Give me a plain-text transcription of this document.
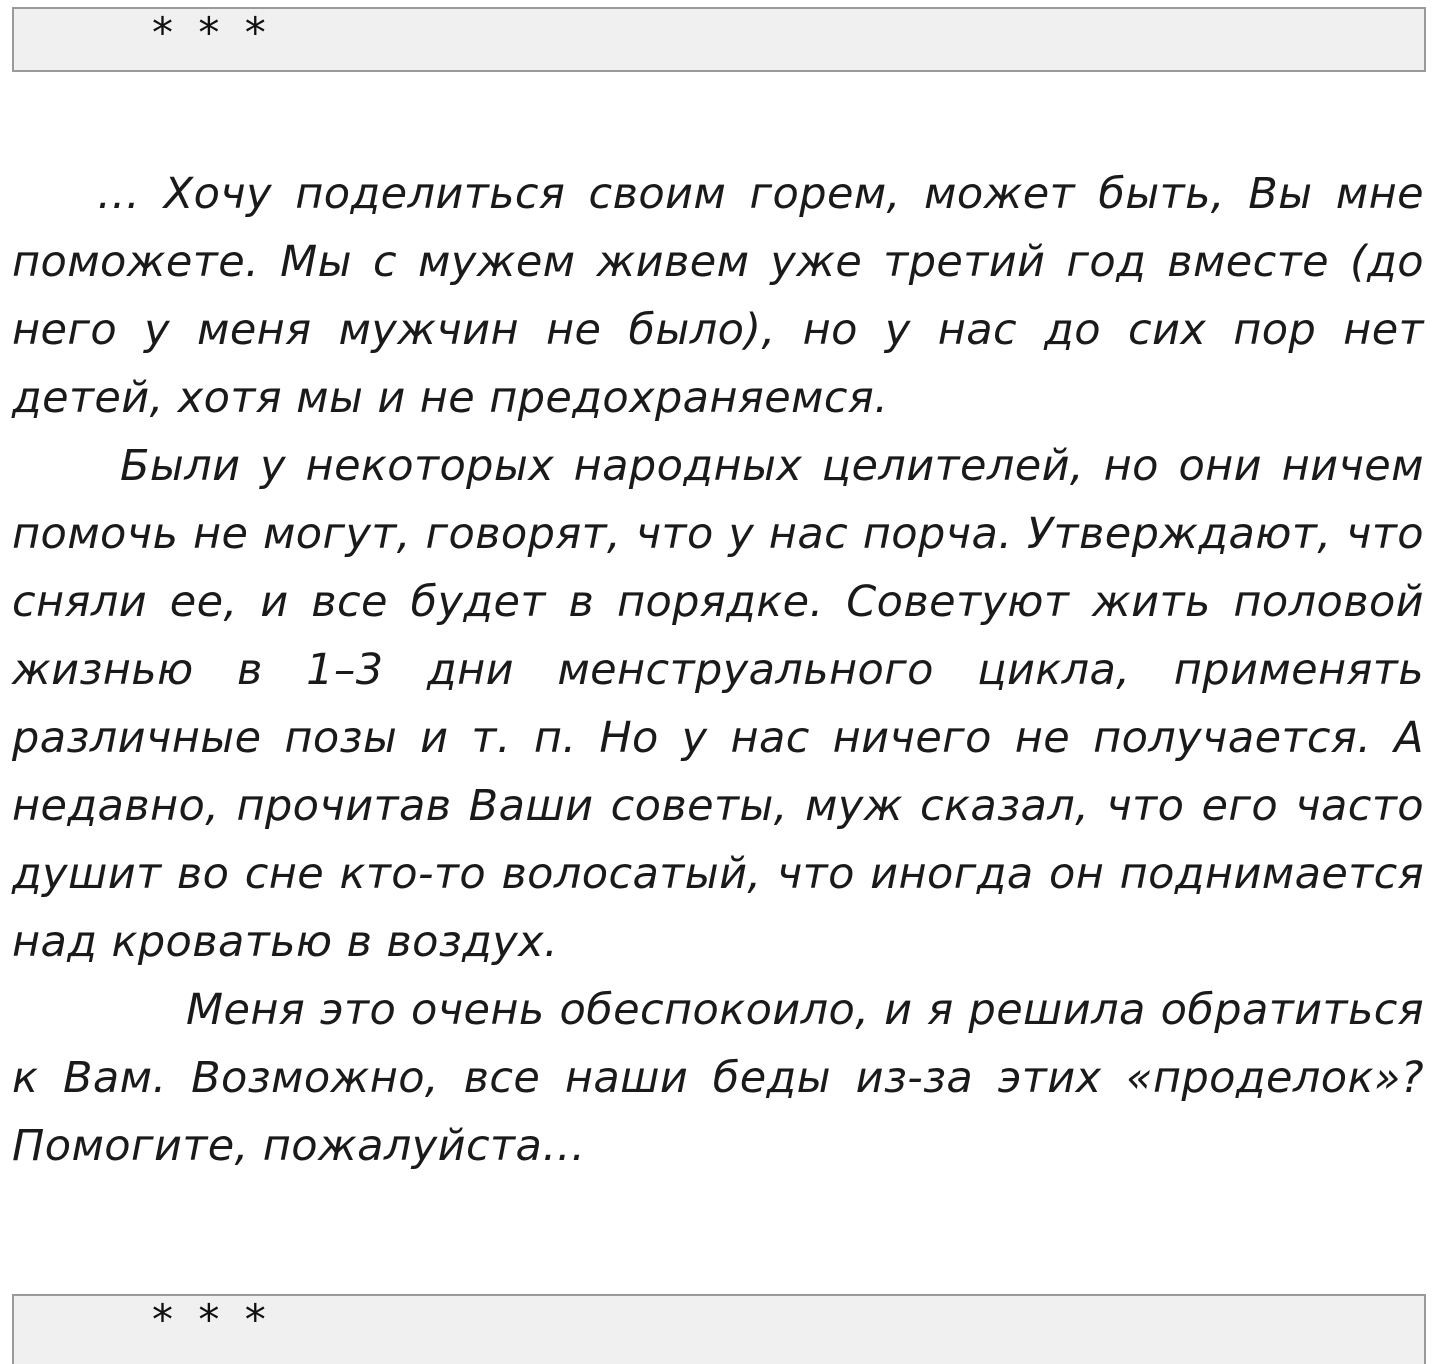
* * *

… Хочу поделиться своим горем, может быть, Вы мне поможете. Мы с мужем живем уже третий год вместе (до него у меня мужчин не было), но у нас до сих пор нет детей, хотя мы и не предохраняемся.

Были у некоторых народных целителей, но они ничем помочь не могут, говорят, что у нас порча. Утверждают, что сняли ее, и все будет в порядке. Советуют жить половой жизнью в 1–3 дни менструального цикла, применять различные позы и т. п. Но у нас ничего не получается. А недавно, прочитав Ваши советы, муж сказал, что его часто душит во сне кто-то волосатый, что иногда он поднимается над кроватью в воздух.

Меня это очень обеспокоило, и я решила обратиться к Вам. Возможно, все наши беды из-за этих «проделок»? Помогите, пожалуйста…

* * *
